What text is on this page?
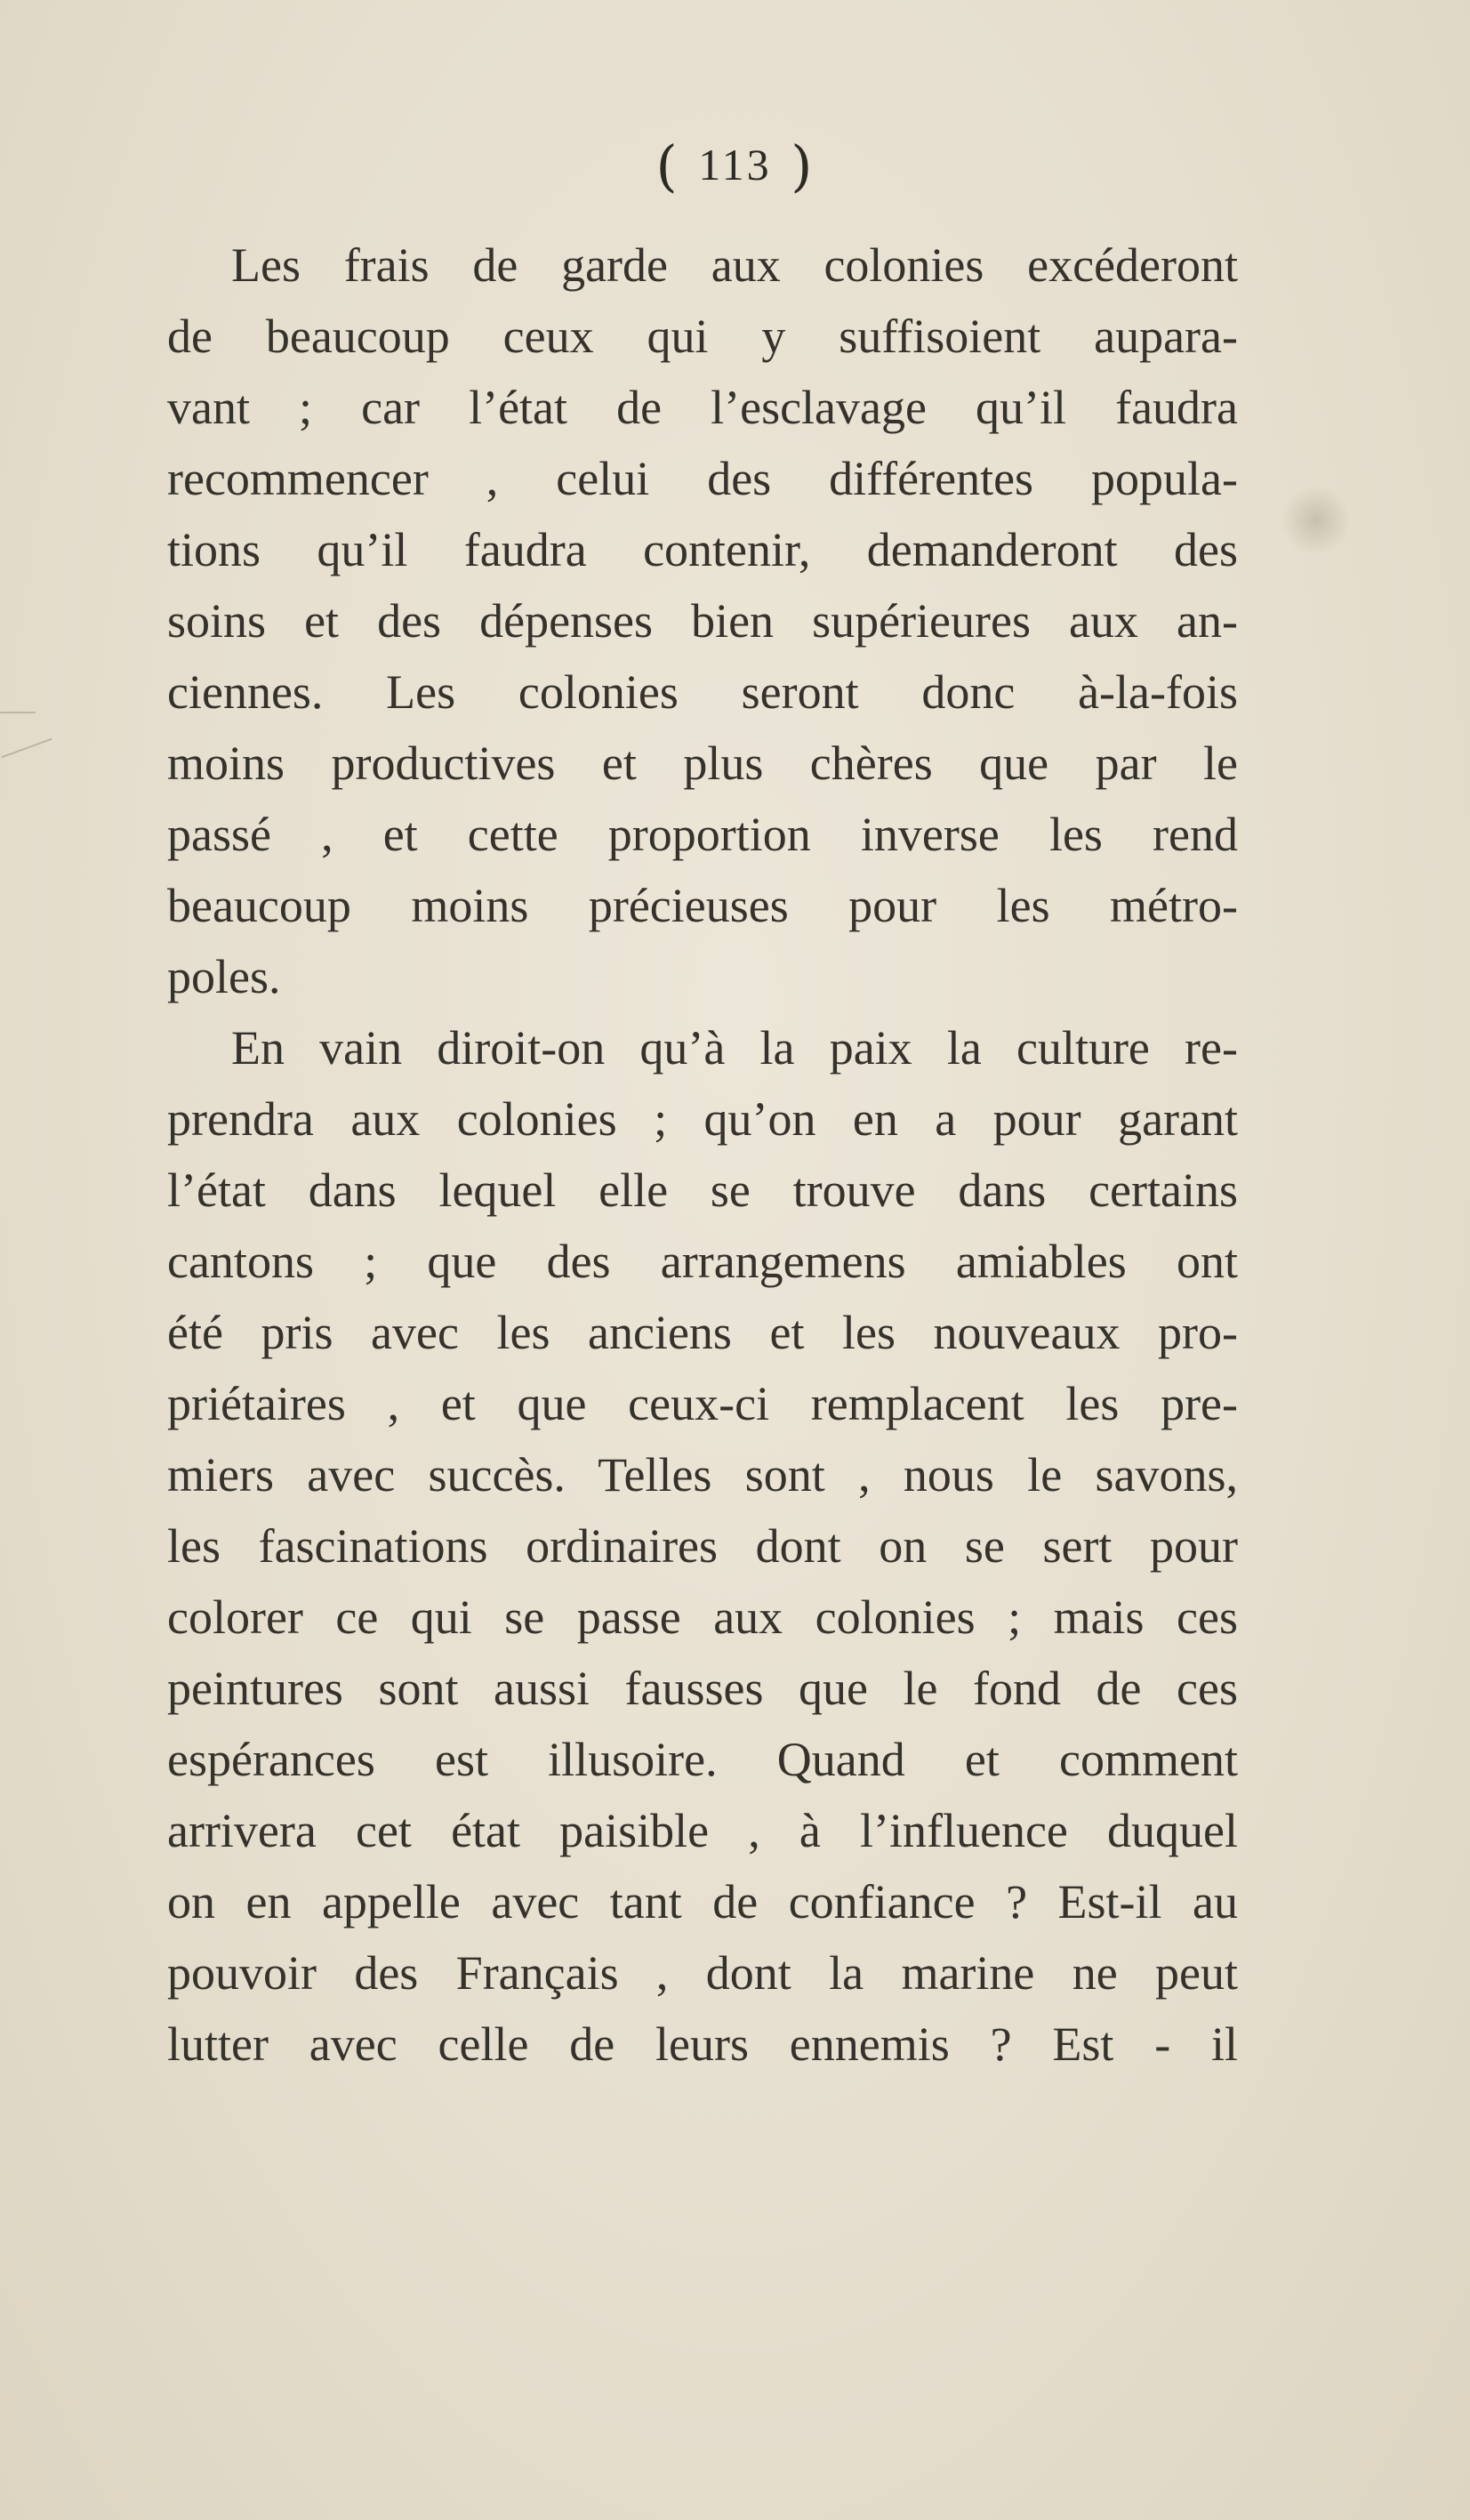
( 113 )
Les frais de garde aux colonies excéderont
de beaucoup ceux qui y suffisoient aupara-
vant ; car l’état de l’esclavage qu’il faudra
recommencer , celui des différentes popula-
tions qu’il faudra contenir, demanderont des
soins et des dépenses bien supérieures aux an-
ciennes. Les colonies seront donc à-la-fois
moins productives et plus chères que par le
passé , et cette proportion inverse les rend
beaucoup moins précieuses pour les métro-
poles.
En vain diroit-on qu’à la paix la culture re-
prendra aux colonies ; qu’on en a pour garant
l’état dans lequel elle se trouve dans certains
cantons ; que des arrangemens amiables ont
été pris avec les anciens et les nouveaux pro-
priétaires , et que ceux-ci remplacent les pre-
miers avec succès. Telles sont , nous le savons,
les fascinations ordinaires dont on se sert pour
colorer ce qui se passe aux colonies ; mais ces
peintures sont aussi fausses que le fond de ces
espérances est illusoire. Quand et comment
arrivera cet état paisible , à l’influence duquel
on en appelle avec tant de confiance ? Est-il au
pouvoir des Français , dont la marine ne peut
lutter avec celle de leurs ennemis ? Est - il
